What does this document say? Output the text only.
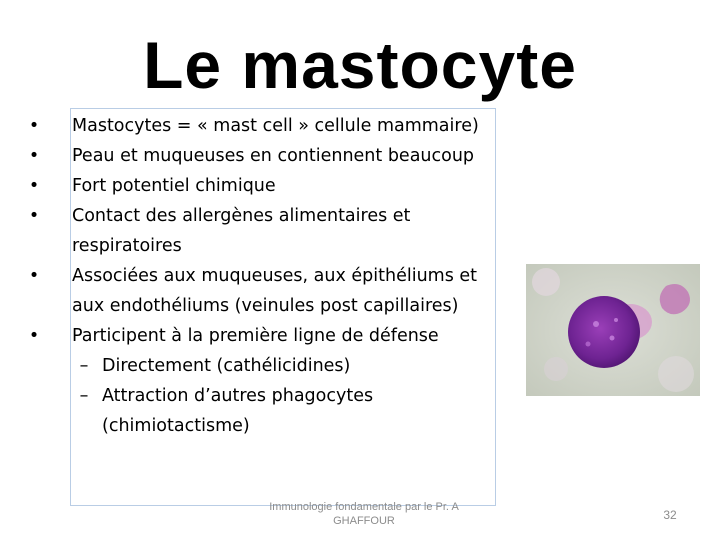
Le mastocyte
• Mastocytes = « mast cell » cellule mammaire)
• Peau et muqueuses en contiennent beaucoup
• Fort potentiel chimique
• Contact des allergènes alimentaires et respiratoires
• Associées aux muqueuses, aux épithéliums et aux endothéliums (veinules post capillaires)
• Participent à la première ligne de défense
– Directement (cathélicidines)
– Attraction d’autres phagocytes (chimiotactisme)
Immunologie fondamentale par le Pr. A GHAFFOUR	32
